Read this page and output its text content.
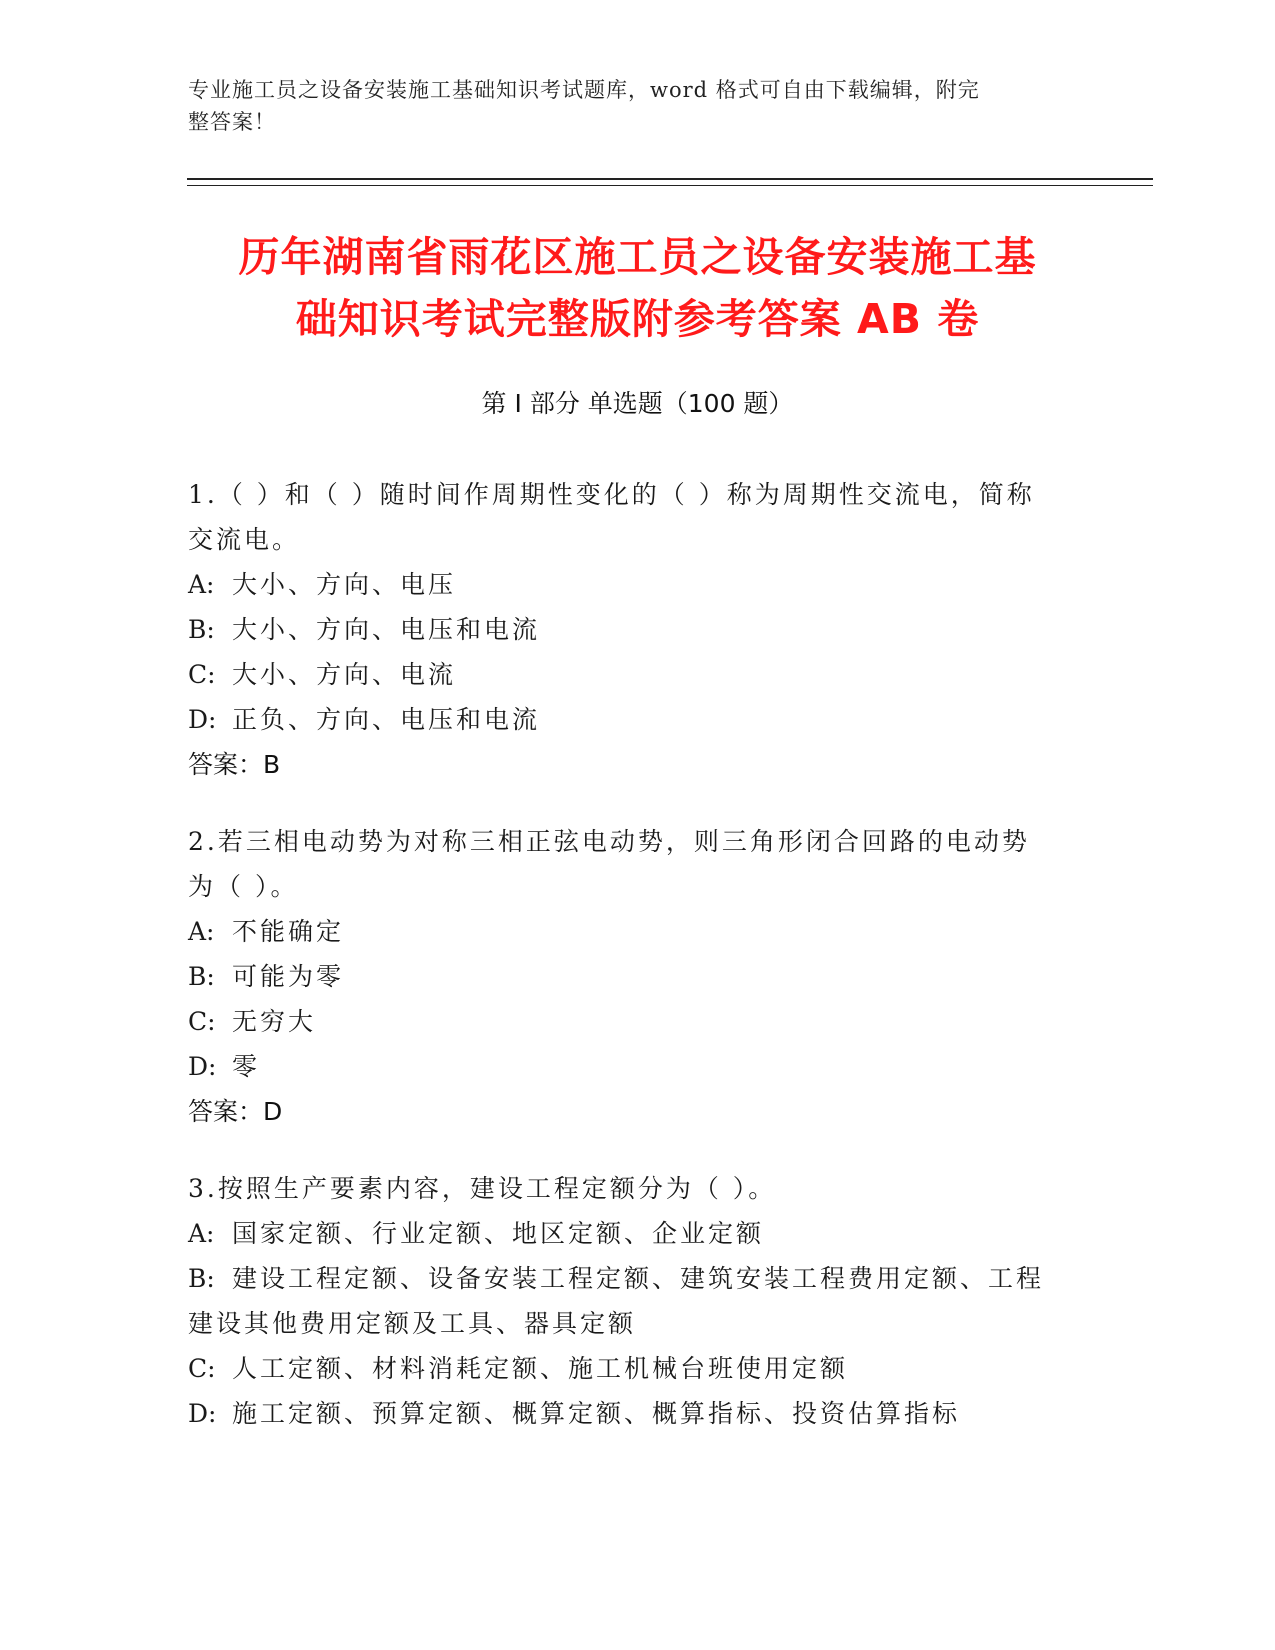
专业施工员之设备安装施工基础知识考试题库，word 格式可自由下载编辑，附完
整答案！
历年湖南省雨花区施工员之设备安装施工基
础知识考试完整版附参考答案 AB 卷
第 I 部分 单选题（100 题）
1.（ ）和（ ）随时间作周期性变化的（ ）称为周期性交流电，简称
交流电。
A: 大小、方向、电压
B: 大小、方向、电压和电流
C: 大小、方向、电流
D: 正负、方向、电压和电流
答案：B
2.若三相电动势为对称三相正弦电动势，则三角形闭合回路的电动势
为（ ）。
A: 不能确定
B: 可能为零
C: 无穷大
D: 零
答案：D
3.按照生产要素内容，建设工程定额分为（ ）。
A: 国家定额、行业定额、地区定额、企业定额
B: 建设工程定额、设备安装工程定额、建筑安装工程费用定额、工程
建设其他费用定额及工具、器具定额
C: 人工定额、材料消耗定额、施工机械台班使用定额
D: 施工定额、预算定额、概算定额、概算指标、投资估算指标
